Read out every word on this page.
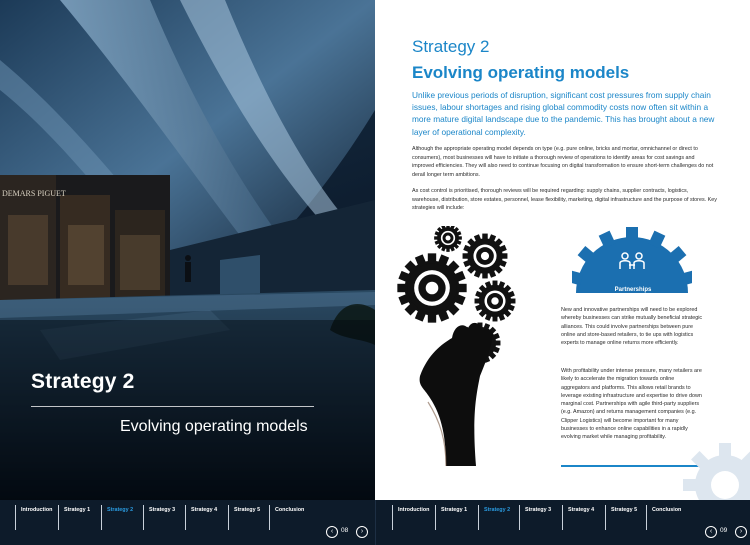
DEMARS PIGUET
Strategy 2
Evolving operating models
Strategy 2
Evolving operating models
Unlike previous periods of disruption, significant cost pressures from supply chain issues, labour shortages and rising global commodity costs now often sit within a more mature digital landscape due to the pandemic. This has brought about a new layer of operational complexity.
Although the appropriate operating model depends on type (e.g. pure online, bricks and mortar, omnichannel or direct to consumers), most businesses will have to initiate a thorough review of operations to identify areas for cost savings and improved efficiencies. They will also need to continue focusing on digital transformation to ensure short-term challenges do not derail longer term ambitions.
As cost control is prioritised, thorough reviews will be required regarding: supply chains, supplier contracts, logistics, warehouse, distribution, store estates, personnel, lease flexibility, marketing, digital infrastructure and the purpose of stores. Key strategies will include:
Partnerships
New and innovative partnerships will need to be explored whereby businesses can strike mutually beneficial strategic alliances. This could involve partnerships between pure online and store-based retailers, to tie ups with logistics experts to manage online returns more efficiently.
With profitability under intense pressure, many retailers are likely to accelerate the migration towards online aggregators and platforms. This allows retail brands to leverage existing infrastructure and expertise to drive down marginal cost. Partnerships with agile third-party suppliers (e.g. Amazon) and returns management companies (e.g. Clipper Logistics) will become important for many businesses to enhance online capabilities in a rapidly evolving market while managing profitability.
Introduction	Strategy 1	Strategy 2	Strategy 3	Strategy 4	Strategy 5	Conclusion
‹	08	›
Introduction	Strategy 1	Strategy 2	Strategy 3	Strategy 4	Strategy 5	Conclusion
‹	09	›
